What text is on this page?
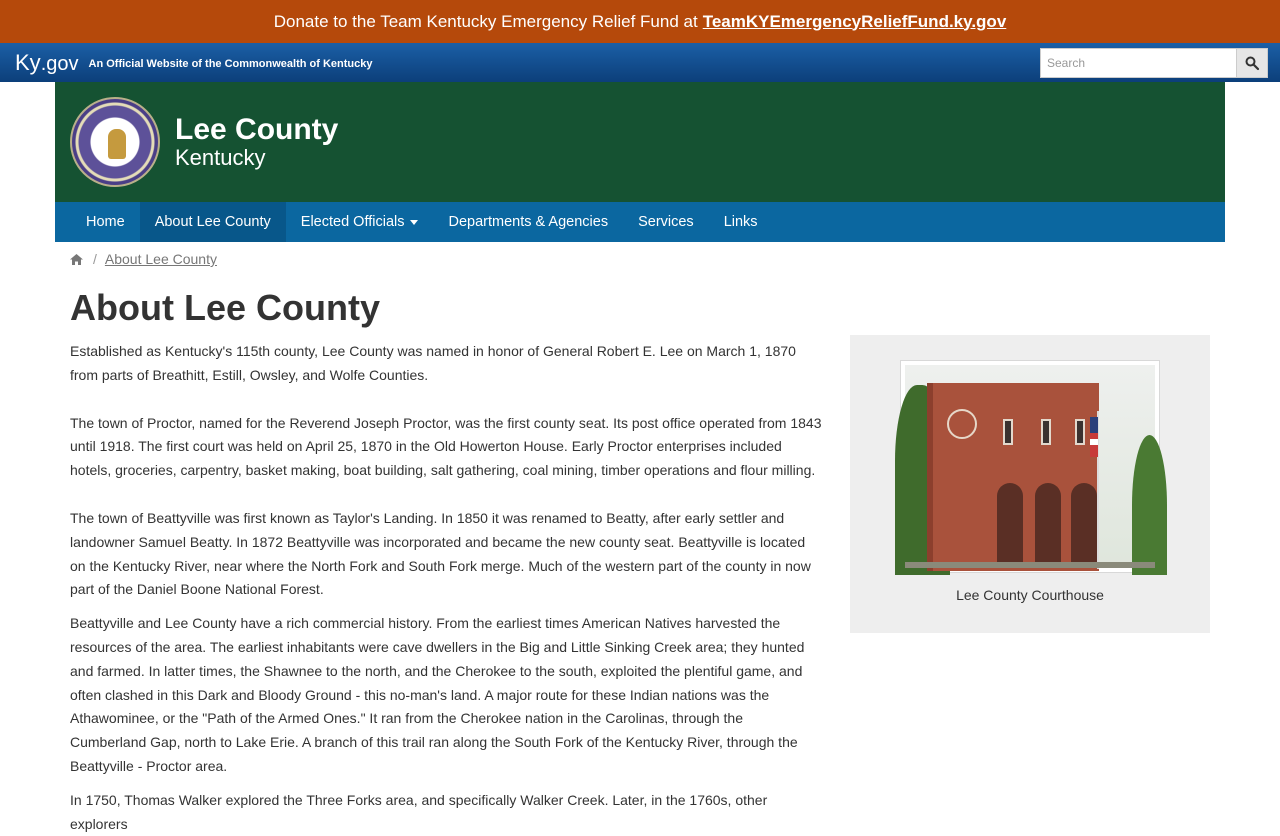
Donate to the Team Kentucky Emergency Relief Fund at TeamKYEmergencyReliefFund.ky.gov
Ky.gov An Official Website of the Commonwealth of Kentucky
Search
Lee County
Kentucky
Home About Lee County Elected Officials	Departments & Agencies Services Links
/ About Lee County
About Lee County

Established as Kentucky's 115th county, Lee County was named in honor of General Robert E. Lee on March 1, 1870 from parts of Breathitt, Estill, Owsley, and Wolfe Counties.

The town of Proctor, named for the Reverend Joseph Proctor, was the first county seat. Its post office operated from 1843 until 1918. The first court was held on April 25, 1870 in the Old Howerton House. Early Proctor enterprises included hotels, groceries, carpentry, basket making, boat building, salt gathering, coal mining, timber operations and flour milling.

The town of Beattyville was first known as Taylor's Landing. In 1850 it was renamed to Beatty, after early settler and landowner Samuel Beatty. In 1872 Beattyville was incorporated and became the new county seat. Beattyville is located on the Kentucky River, near where the North Fork and South Fork merge. Much of the western part of the county in now part of the Daniel Boone National Forest.

Beattyville and Lee County have a rich commercial history. From the earliest times American Natives harvested the resources of the area. The earliest inhabitants were cave dwellers in the Big and Little Sinking Creek area; they hunted and farmed. In latter times, the Shawnee to the north, and the Cherokee to the south, exploited the plentiful game, and often clashed in this Dark and Bloody Ground - this no-man's land. A major route for these Indian nations was the Athawominee, or the "Path of the Armed Ones." It ran from the Cherokee nation in the Carolinas, through the Cumberland Gap, north to Lake Erie. A branch of this trail ran along the South Fork of the Kentucky River, through the Beattyville - Proctor area.

In 1750, Thomas Walker explored the Three Forks area, and specifically Walker Creek. Later, in the 1760s, other explorers

Lee County Courthouse
